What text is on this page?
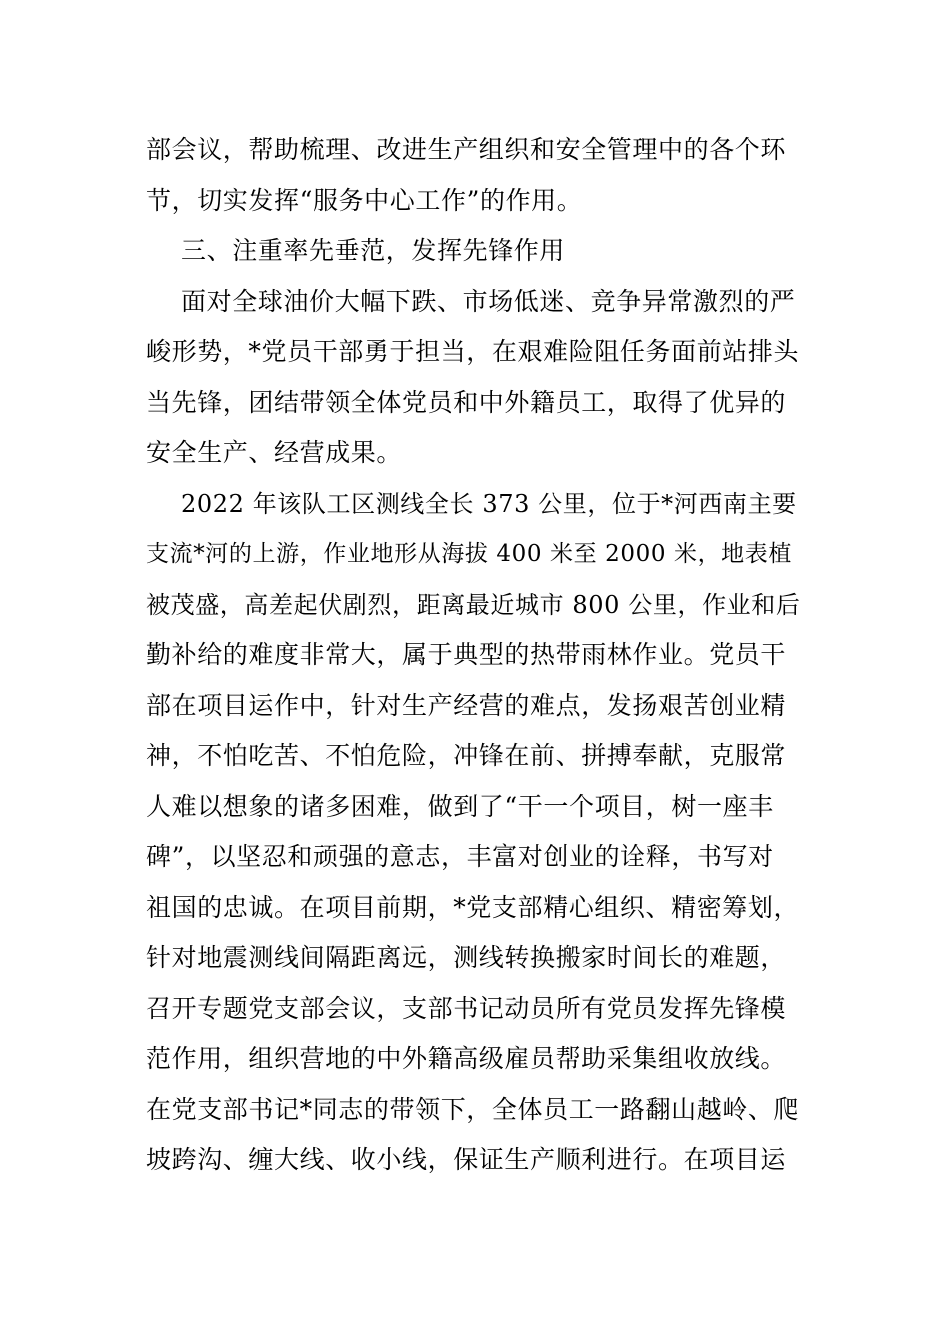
部会议，帮助梳理、改进生产组织和安全管理中的各个环
节，切实发挥“服务中心工作”的作用。
三、注重率先垂范，发挥先锋作用
面对全球油价大幅下跌、市场低迷、竞争异常激烈的严
峻形势，*党员干部勇于担当，在艰难险阻任务面前站排头
当先锋，团结带领全体党员和中外籍员工，取得了优异的
安全生产、经营成果。
2022 年该队工区测线全长 373 公里，位于*河西南主要
支流*河的上游，作业地形从海拔 400 米至 2000 米，地表植
被茂盛，高差起伏剧烈，距离最近城市 800 公里，作业和后
勤补给的难度非常大，属于典型的热带雨林作业。党员干
部在项目运作中，针对生产经营的难点，发扬艰苦创业精
神，不怕吃苦、不怕危险，冲锋在前、拼搏奉献，克服常
人难以想象的诸多困难，做到了“干一个项目，树一座丰
碑”，以坚忍和顽强的意志，丰富对创业的诠释，书写对
祖国的忠诚。在项目前期，*党支部精心组织、精密筹划，
针对地震测线间隔距离远，测线转换搬家时间长的难题，
召开专题党支部会议，支部书记动员所有党员发挥先锋模
范作用，组织营地的中外籍高级雇员帮助采集组收放线。
在党支部书记*同志的带领下，全体员工一路翻山越岭、爬
坡跨沟、缠大线、收小线，保证生产顺利进行。在项目运
